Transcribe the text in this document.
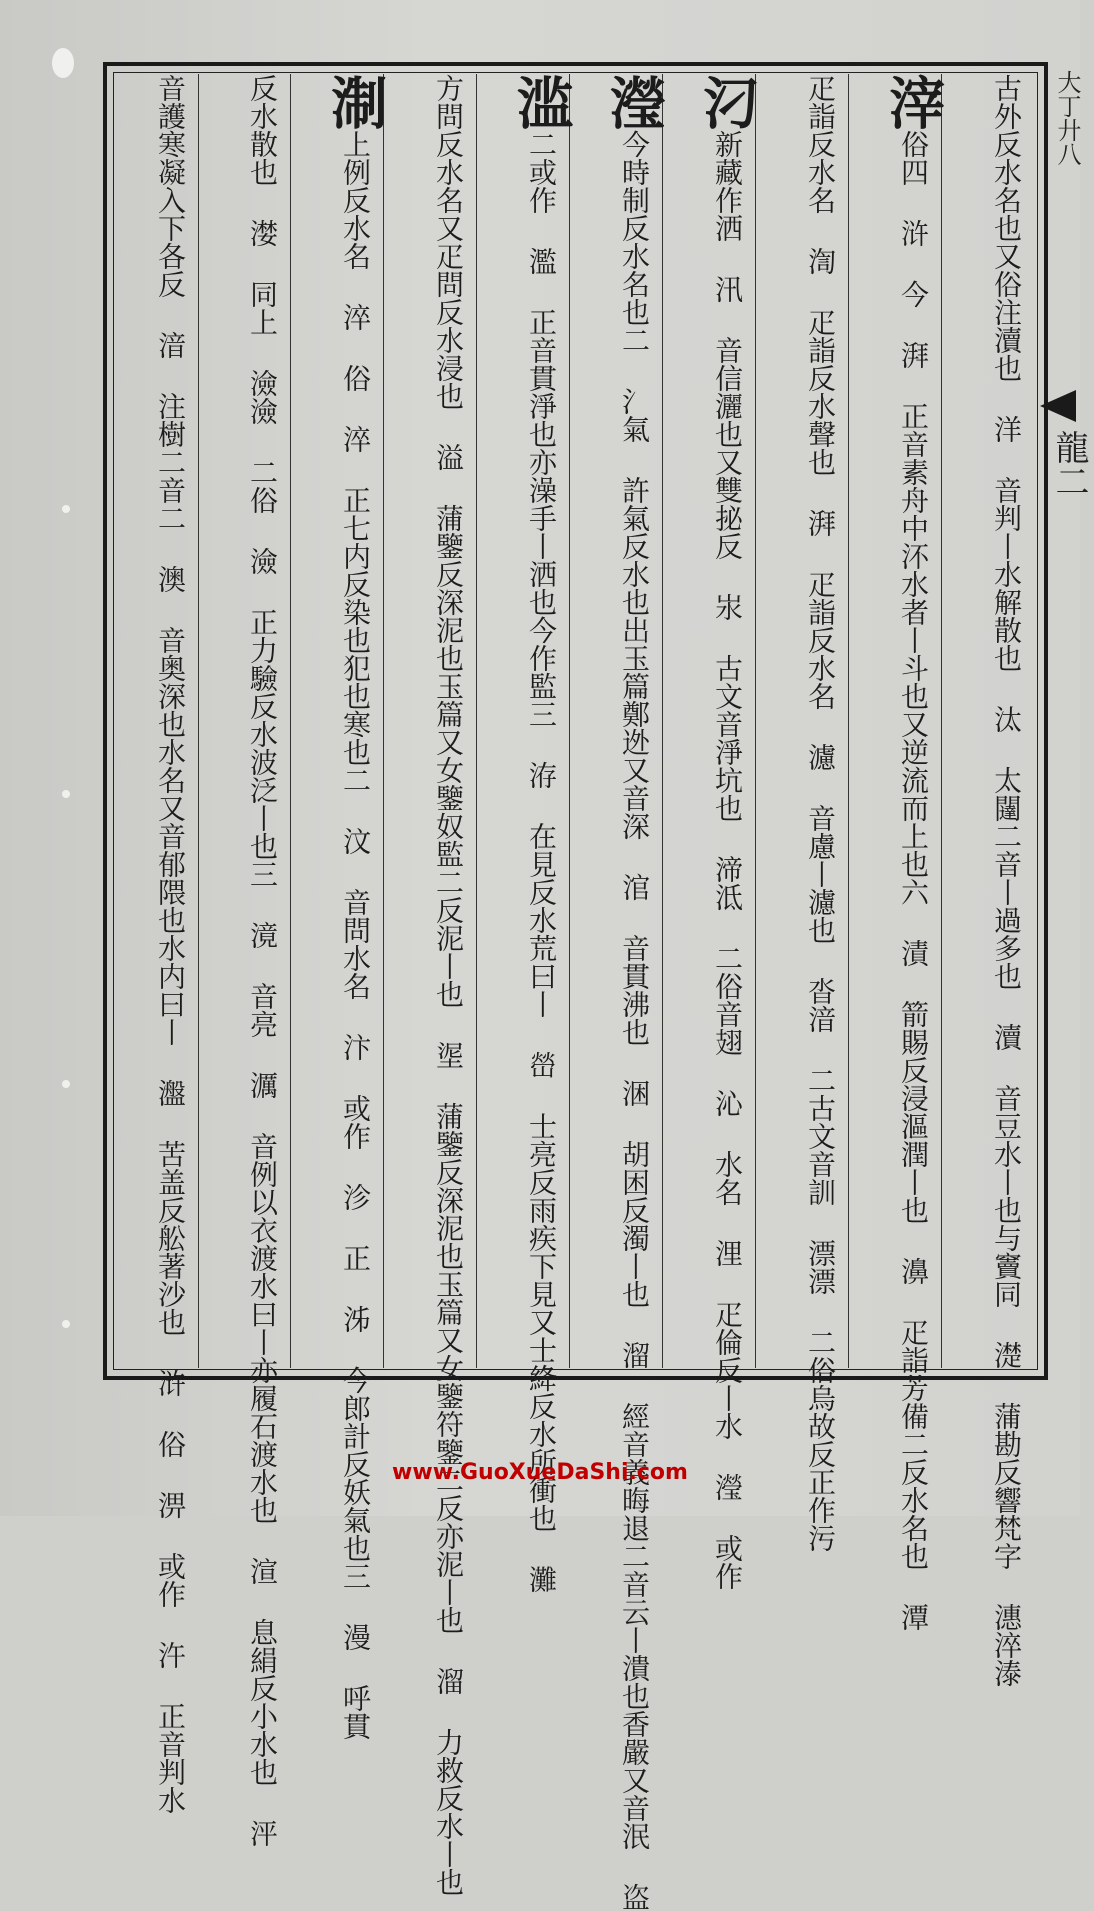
古外反水名也又俗注瀆也 洋 音判丨水解散也 汰 太闥二音丨過多也 瀆 音豆水丨也与竇同 濋 蒲勘反響梵字 潓淬溙
滓俗四 浒 今 湃 正音素舟中㳅水者丨斗也又逆流而上也六 漬 箭賜反浸漚潤丨也 濞 疋詣芳備二反水名也 潭
疋詣反水名 渹 疋詣反水聲也 湃 疋詣反水名 濾 音慮丨濾也 沓湆 二古文音訓 漂漂 二俗烏故反正作污
汈新藏作洒 汛 音信灑也又雙㧙反 汖 古文音淨坑也 渧泜 二俗音翅 沁 水名 浬 疋倫反丨水 瀅 或作
瀅今時制反水名也二 氵氣 許氣反水也出玉篇鄭迯又音深 涫 音貫沸也 涃 胡困反濁丨也 溜 經音義晦退二音云丨潰也香嚴又音泯 盗
滥二或作 濫 正音貫淨也亦澡手丨洒也今作監三 洊 在見反水荒曰丨 嵤 士亮反雨疾下見又士絳反水所衝也 灘
方問反水名又疋問反水浸也 溢 蒲鑒反深泥也玉篇又女鑒奴監二反泥丨也 埿 蒲鑒反深泥也玉篇又女鑒符鑒二反亦泥丨也 溜 力救反水丨也
淛上例反水名 淬 俗 淬 正七内反染也犯也寒也二 汶 音問水名 汴 或作 沴 正 泲 今郎計反妖氣也三 漫 呼貫
反水散也 漤 同上 澰澰 二俗 澰 正力驗反水波泛丨也三 滰 音亮 濿 音例以衣渡水曰丨亦履石渡水也 渲 息絹反小水也 泙
音護寒凝入下各反 湆 注樹二音二 澳 音奥深也水名又音郁隈也水内曰丨 瀊 苦盖反舩著沙也 浒 俗 淠 或作 汻 正音判水	大丁廾八
龍二
www.GuoXueDaShi.com
